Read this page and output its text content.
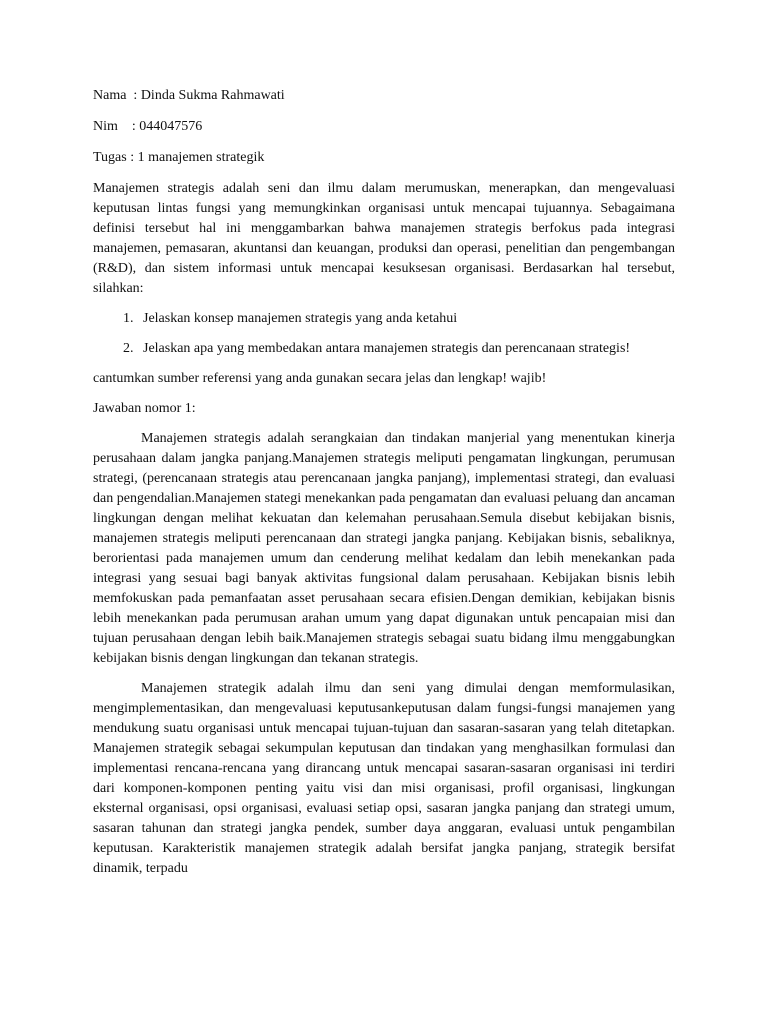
Nama  : Dinda Sukma Rahmawati

Nim    : 044047576

Tugas : 1 manajemen strategik

Manajemen strategis adalah seni dan ilmu dalam merumuskan, menerapkan, dan mengevaluasi keputusan lintas fungsi yang memungkinkan organisasi untuk mencapai tujuannya. Sebagaimana definisi tersebut hal ini menggambarkan bahwa manajemen strategis berfokus pada integrasi manajemen, pemasaran, akuntansi dan keuangan, produksi dan operasi, penelitian dan pengembangan (R&D), dan sistem informasi untuk mencapai kesuksesan organisasi. Berdasarkan hal tersebut, silahkan:

1. Jelaskan konsep manajemen strategis yang anda ketahui
2. Jelaskan apa yang membedakan antara manajemen strategis dan perencanaan strategis!

cantumkan sumber referensi yang anda gunakan secara jelas dan lengkap! wajib!

Jawaban nomor 1:

Manajemen strategis adalah serangkaian dan tindakan manjerial yang menentukan kinerja perusahaan dalam jangka panjang.Manajemen strategis meliputi pengamatan lingkungan, perumusan strategi, (perencanaan strategis atau perencanaan jangka panjang), implementasi strategi, dan evaluasi dan pengendalian.Manajemen stategi menekankan pada pengamatan dan evaluasi peluang dan ancaman lingkungan dengan melihat kekuatan dan kelemahan perusahaan.Semula disebut kebijakan bisnis, manajemen strategis meliputi perencanaan dan strategi jangka panjang. Kebijakan bisnis, sebaliknya, berorientasi pada manajemen umum dan cenderung melihat kedalam dan lebih menekankan pada integrasi yang sesuai bagi banyak aktivitas fungsional dalam perusahaan. Kebijakan bisnis lebih memfokuskan pada pemanfaatan asset perusahaan secara efisien.Dengan demikian, kebijakan bisnis lebih menekankan pada perumusan arahan umum yang dapat digunakan untuk pencapaian misi dan tujuan perusahaan dengan lebih baik.Manajemen strategis sebagai suatu bidang ilmu menggabungkan kebijakan bisnis dengan lingkungan dan tekanan strategis.

Manajemen strategik adalah ilmu dan seni yang dimulai dengan memformulasikan, mengimplementasikan, dan mengevaluasi keputusankeputusan dalam fungsi-fungsi manajemen yang mendukung suatu organisasi untuk mencapai tujuan-tujuan dan sasaran-sasaran yang telah ditetapkan. Manajemen strategik sebagai sekumpulan keputusan dan tindakan yang menghasilkan formulasi dan implementasi rencana-rencana yang dirancang untuk mencapai sasaran-sasaran organisasi ini terdiri dari komponen-komponen penting yaitu visi dan misi organisasi, profil organisasi, lingkungan eksternal organisasi, opsi organisasi, evaluasi setiap opsi, sasaran jangka panjang dan strategi umum, sasaran tahunan dan strategi jangka pendek, sumber daya anggaran, evaluasi untuk pengambilan keputusan. Karakteristik manajemen strategik adalah bersifat jangka panjang, strategik bersifat dinamik, terpadu
